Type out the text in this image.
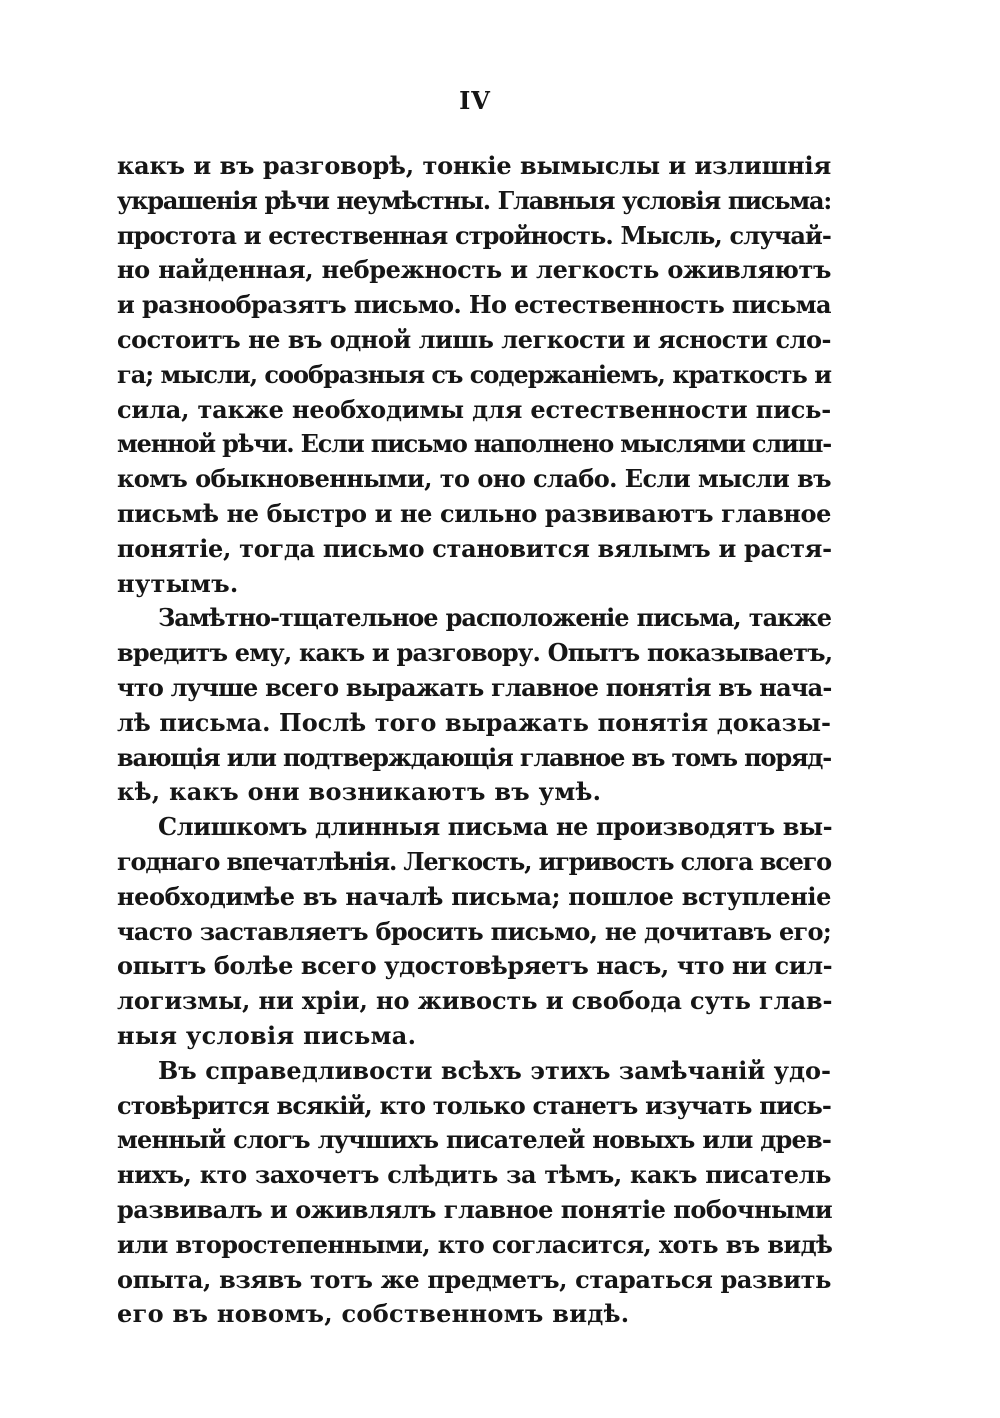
IV
какъ и въ разговорѣ, тонкіе вымыслы и излишнія
украшенія рѣчи неумѣстны. Главныя условія письма:
простота и естественная стройность. Мысль, случай-
но найденная, небрежность и легкость оживляютъ
и разнообразятъ письмо. Но естественность письма
состоитъ не въ одной лишь легкости и ясности сло-
га; мысли, сообразныя съ содержаніемъ, краткость и
сила, также необходимы для естественности пись-
менной рѣчи. Если письмо наполнено мыслями слиш-
комъ обыкновенными, то оно слабо. Если мысли въ
письмѣ не быстро и не сильно развиваютъ главное
понятіе, тогда письмо становится вялымъ и растя-
нутымъ.
Замѣтно-тщательное расположеніе письма, также
вредитъ ему, какъ и разговору. Опытъ показываетъ,
что лучше всего выражать главное понятія въ нача-
лѣ письма. Послѣ того выражать понятія доказы-
вающія или подтверждающія главное въ томъ поряд-
кѣ, какъ они возникаютъ въ умѣ.
Слишкомъ длинныя письма не производятъ вы-
годнаго впечатлѣнія. Легкость, игривость слога всего
необходимѣе въ началѣ письма; пошлое вступленіе
часто заставляетъ бросить письмо, не дочитавъ его;
опытъ болѣе всего удостовѣряетъ насъ, что ни сил-
логизмы, ни хріи, но живость и свобода суть глав-
ныя условія письма.
Въ справедливости всѣхъ этихъ замѣчаній удо-
стовѣрится всякій, кто только станетъ изучать пись-
менный слогъ лучшихъ писателей новыхъ или древ-
нихъ, кто захочетъ слѣдить за тѣмъ, какъ писатель
развивалъ и оживлялъ главное понятіе побочными
или второстепенными, кто согласится, хоть въ видѣ
опыта, взявъ тотъ же предметъ, стараться развить
его въ новомъ, собственномъ видѣ.
